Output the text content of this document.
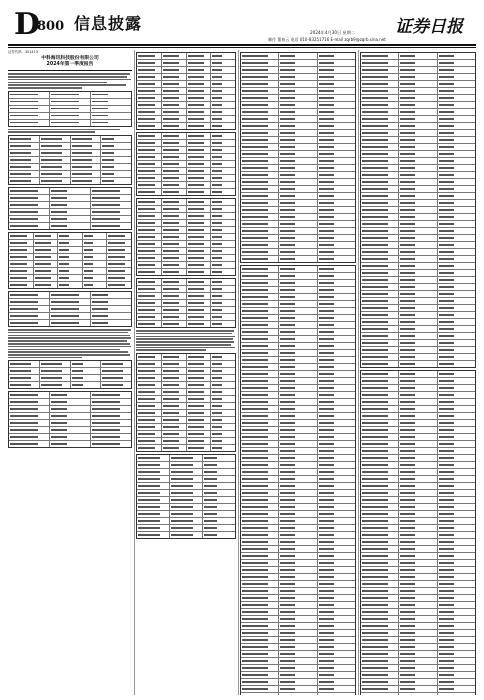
D
800 信息披露	2024年4月30日 星期二
制作 董春云 电话 010-83251716 E-mail zqrb9@zqrb.sina.net
证券日报
证券代码：301413
中科海讯科技股份有限公司
2024年第一季度报告
